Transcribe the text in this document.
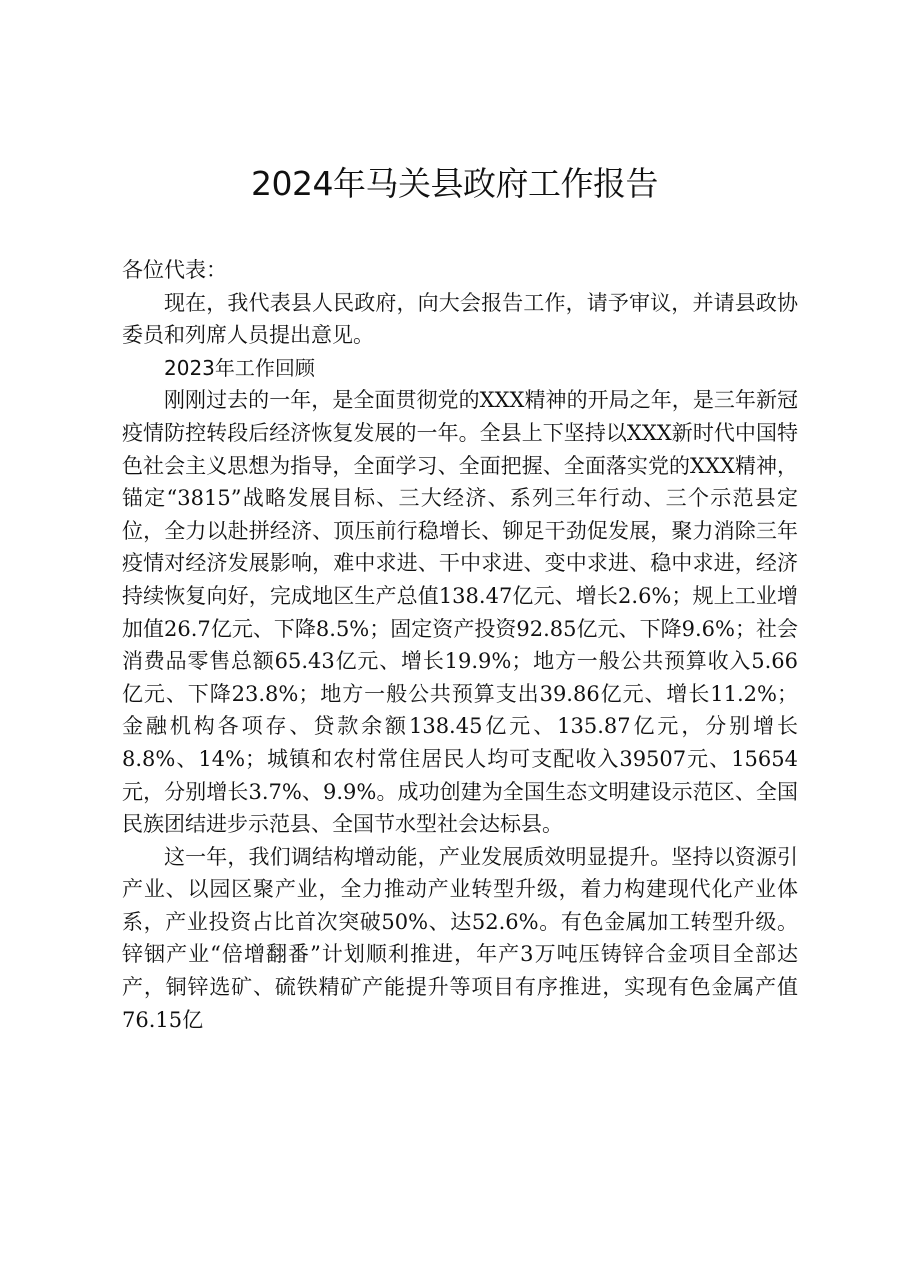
2024年马关县政府工作报告

各位代表：

现在，我代表县人民政府，向大会报告工作，请予审议，并请县政协委员和列席人员提出意见。

2023年工作回顾

刚刚过去的一年，是全面贯彻党的XXX精神的开局之年，是三年新冠疫情防控转段后经济恢复发展的一年。全县上下坚持以XXX新时代中国特色社会主义思想为指导，全面学习、全面把握、全面落实党的XXX精神，锚定“3815”战略发展目标、三大经济、系列三年行动、三个示范县定位，全力以赴拼经济、顶压前行稳增长、铆足干劲促发展，聚力消除三年疫情对经济发展影响，难中求进、干中求进、变中求进、稳中求进，经济持续恢复向好，完成地区生产总值138.47亿元、增长2.6%；规上工业增加值26.7亿元、下降8.5%；固定资产投资92.85亿元、下降9.6%；社会消费品零售总额65.43亿元、增长19.9%；地方一般公共预算收入5.66亿元、下降23.8%；地方一般公共预算支出39.86亿元、增长11.2%；金融机构各项存、贷款余额138.45亿元、135.87亿元，分别增长8.8%、14%；城镇和农村常住居民人均可支配收入39507元、15654元，分别增长3.7%、9.9%。成功创建为全国生态文明建设示范区、全国民族团结进步示范县、全国节水型社会达标县。

这一年，我们调结构增动能，产业发展质效明显提升。坚持以资源引产业、以园区聚产业，全力推动产业转型升级，着力构建现代化产业体系，产业投资占比首次突破50%、达52.6%。有色金属加工转型升级。锌铟产业“倍增翻番”计划顺利推进，年产3万吨压铸锌合金项目全部达产，铜锌选矿、硫铁精矿产能提升等项目有序推进，实现有色金属产值76.15亿
